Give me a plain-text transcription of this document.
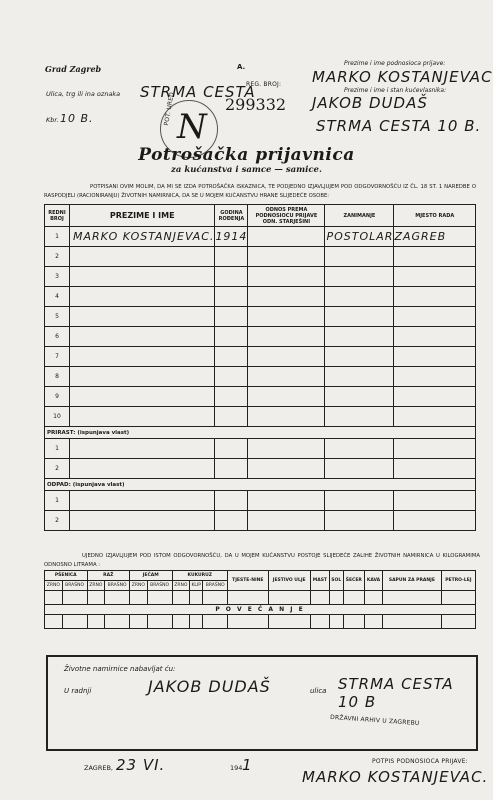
Grad Zagreb
Ulica, trg ili ina oznaka STRMA CESTA
Kbr. 10 B. N
POT. URED
A.
REG. BROJ:
299332
Prezime i ime podnosioca prijave:
MARKO KOSTANJEVAC
Prezime i ime i stan kućevlasnika:
JAKOB DUDAŠ
STRMA CESTA 10 B.
Potrošačka prijavnica
za kućanstva i samce — samice.
POTPISANI OVIM MOLIM, DA MI SE IZDA POTROŠAČKA ISKAZNICA, TE PODJEDNO IZJAVLJUJEM POD ODGOVORNOŠĆU IZ ČL. 18 ST. 1 NAREDBE O RASPODJELI (RACIONIRANJU) ŽIVOTNIH NAMIRNICA, DA SE U MOJEM KUĆANSTVU HRANE SLIJEDEĆE OSOBE:
REDNI BROJ	PREZIME I IME	GODINA ROĐENJA	ODNOS PREMA PODNOSIOCU PRIJAVE ODN. STARJEŠINI	ZANIMANJE	MJESTO RADA
1	MARKO KOSTANJEVAC.	1914		POSTOLAR	ZAGREB
2					
3					
4					
5					
6					
7					
8					
9					
10					
PRIRAST: (ispunjava vlast)					
1					
2					
ODPAD: (ispunjava vlast)					
1					
2					
UJEDNO IZJAVLJUJEM POD ISTOM ODGOVORNOŠĆU, DA U MOJEM KUĆANSTVU POSTOJE SLIJEDEĆE ZALIHE ŽIVOTNIH NAMIRNICA U KILOGRAMIMA ODNOSNO LITRAMA :
PŠENICA		RAŽ		JEČAM		KUKURUZ			TJESTE-NINE	JESTIVO ULJE	MAST	SOL	ŠEĆER	KAVA	SAPUN ZA PRANJE	PETRO-LEJ
ZRNO	BRAŠNO	ZRNO	BRAŠNO	ZRNO	BRAŠNO	ZRNO	KLIP	BRAŠNO								

P O V E Ć A N J E																

Životne namirnice nabavljat ću:
U radnji	JAKOB DUDAŠ	ulica STRMA CESTA 10 B
DRŽAVNI ARHIV U ZAGREBU
ZAGREB, 23 VI.	194 1	POTPIS PODNOSIOCA PRIJAVE:
MARKO KOSTANJEVAC.
